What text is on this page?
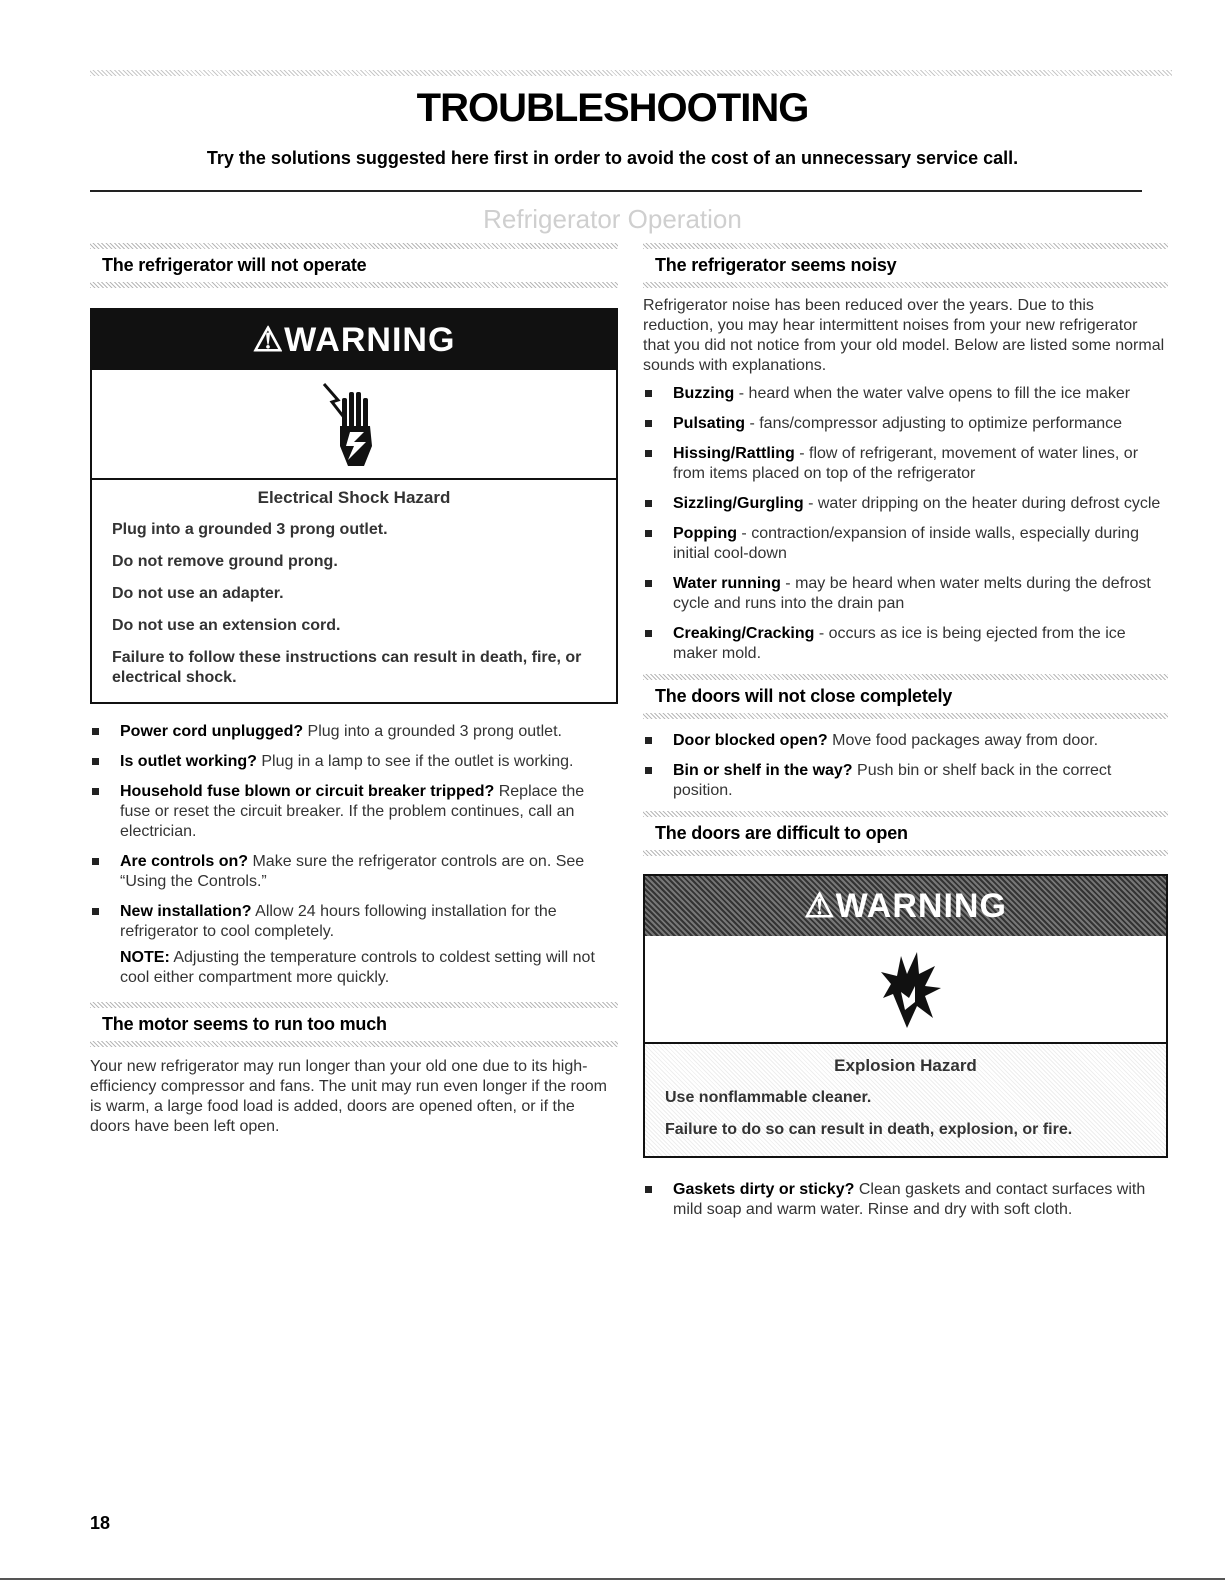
TROUBLESHOOTING
Try the solutions suggested here first in order to avoid the cost of an unnecessary service call.
Refrigerator Operation
The refrigerator will not operate
⚠WARNING
Electrical Shock Hazard
Plug into a grounded 3 prong outlet.
Do not remove ground prong.
Do not use an adapter.
Do not use an extension cord.
Failure to follow these instructions can result in death, fire, or electrical shock.
Power cord unplugged? Plug into a grounded 3 prong outlet.
Is outlet working? Plug in a lamp to see if the outlet is working.
Household fuse blown or circuit breaker tripped? Replace the fuse or reset the circuit breaker. If the problem continues, call an electrician.
Are controls on? Make sure the refrigerator controls are on. See “Using the Controls.”
New installation? Allow 24 hours following installation for the refrigerator to cool completely.
NOTE: Adjusting the temperature controls to coldest setting will not cool either compartment more quickly.
The motor seems to run too much
Your new refrigerator may run longer than your old one due to its high-efficiency compressor and fans. The unit may run even longer if the room is warm, a large food load is added, doors are opened often, or if the doors have been left open.
The refrigerator seems noisy
Refrigerator noise has been reduced over the years. Due to this reduction, you may hear intermittent noises from your new refrigerator that you did not notice from your old model. Below are listed some normal sounds with explanations.
Buzzing - heard when the water valve opens to fill the ice maker
Pulsating - fans/compressor adjusting to optimize performance
Hissing/Rattling - flow of refrigerant, movement of water lines, or from items placed on top of the refrigerator
Sizzling/Gurgling - water dripping on the heater during defrost cycle
Popping - contraction/expansion of inside walls, especially during initial cool-down
Water running - may be heard when water melts during the defrost cycle and runs into the drain pan
Creaking/Cracking - occurs as ice is being ejected from the ice maker mold.
The doors will not close completely
Door blocked open? Move food packages away from door.
Bin or shelf in the way? Push bin or shelf back in the correct position.
The doors are difficult to open
⚠WARNING
Explosion Hazard
Use nonflammable cleaner.
Failure to do so can result in death, explosion, or fire.
Gaskets dirty or sticky? Clean gaskets and contact surfaces with mild soap and warm water. Rinse and dry with soft cloth.
18
